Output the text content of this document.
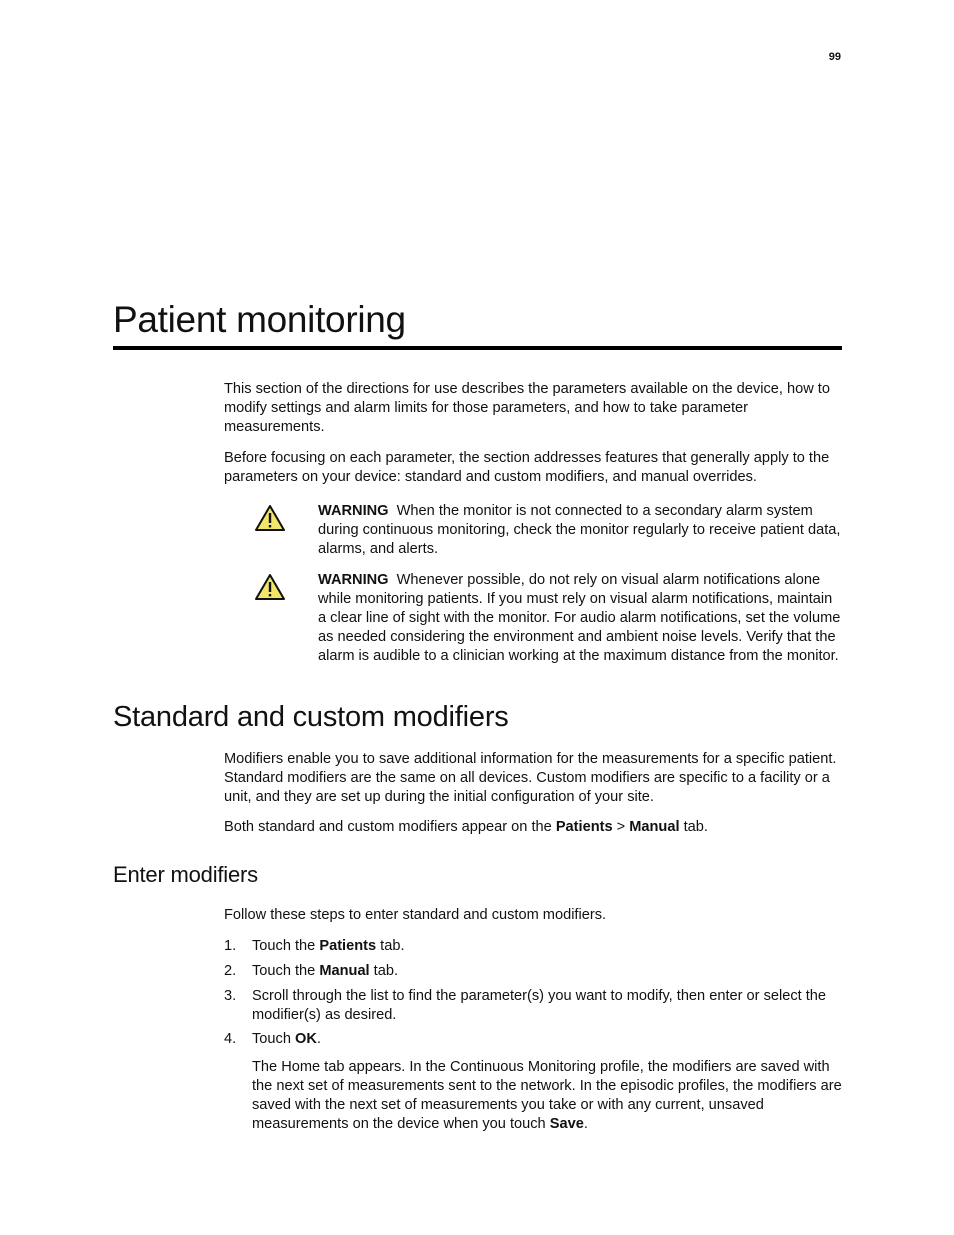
99
Patient monitoring

This section of the directions for use describes the parameters available on the device, how to modify settings and alarm limits for those parameters, and how to take parameter measurements.

Before focusing on each parameter, the section addresses features that generally apply to the parameters on your device: standard and custom modifiers, and manual overrides.

WARNING When the monitor is not connected to a secondary alarm system during continuous monitoring, check the monitor regularly to receive patient data, alarms, and alerts.

WARNING Whenever possible, do not rely on visual alarm notifications alone while monitoring patients. If you must rely on visual alarm notifications, maintain a clear line of sight with the monitor. For audio alarm notifications, set the volume as needed considering the environment and ambient noise levels. Verify that the alarm is audible to a clinician working at the maximum distance from the monitor.

Standard and custom modifiers

Modifiers enable you to save additional information for the measurements for a specific patient. Standard modifiers are the same on all devices. Custom modifiers are specific to a facility or a unit, and they are set up during the initial configuration of your site.

Both standard and custom modifiers appear on the Patients > Manual tab.

Enter modifiers

Follow these steps to enter standard and custom modifiers.

1.	Touch the Patients tab.
2.	Touch the Manual tab.
3.	Scroll through the list to find the parameter(s) you want to modify, then enter or select the modifier(s) as desired.
4.	Touch OK.

The Home tab appears. In the Continuous Monitoring profile, the modifiers are saved with the next set of measurements sent to the network. In the episodic profiles, the modifiers are saved with the next set of measurements you take or with any current, unsaved measurements on the device when you touch Save.
